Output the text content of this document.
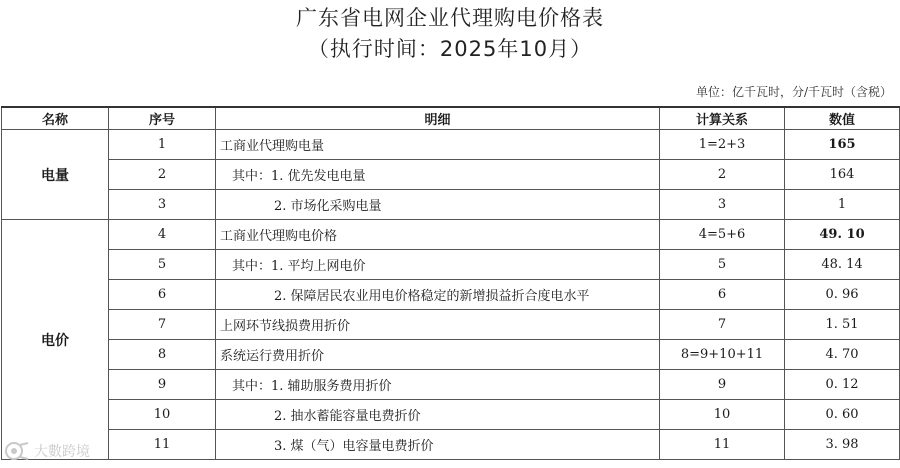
广东省电网企业代理购电价格表
（执行时间：2025年10月）
单位：亿千瓦时，分/千瓦时（含税）
名称	序号	明细	计算关系	数值
电量	1	工商业代理购电量	1=2+3	165
	2	其中：1. 优先发电电量	2	164
	3	2. 市场化采购电量	3	1
电价	4	工商业代理购电价格	4=5+6	49. 10
	5	其中：1. 平均上网电价	5	48. 14
	6	2. 保障居民农业用电价格稳定的新增损益折合度电水平	6	0. 96
	7	上网环节线损费用折价	7	1. 51
	8	系统运行费用折价	8=9+10+11	4. 70
	9	其中：1. 辅助服务费用折价	9	0. 12
	10	2. 抽水蓄能容量电费折价	10	0. 60
	11	3. 煤（气）电容量电费折价	11	3. 98
大數跨境
